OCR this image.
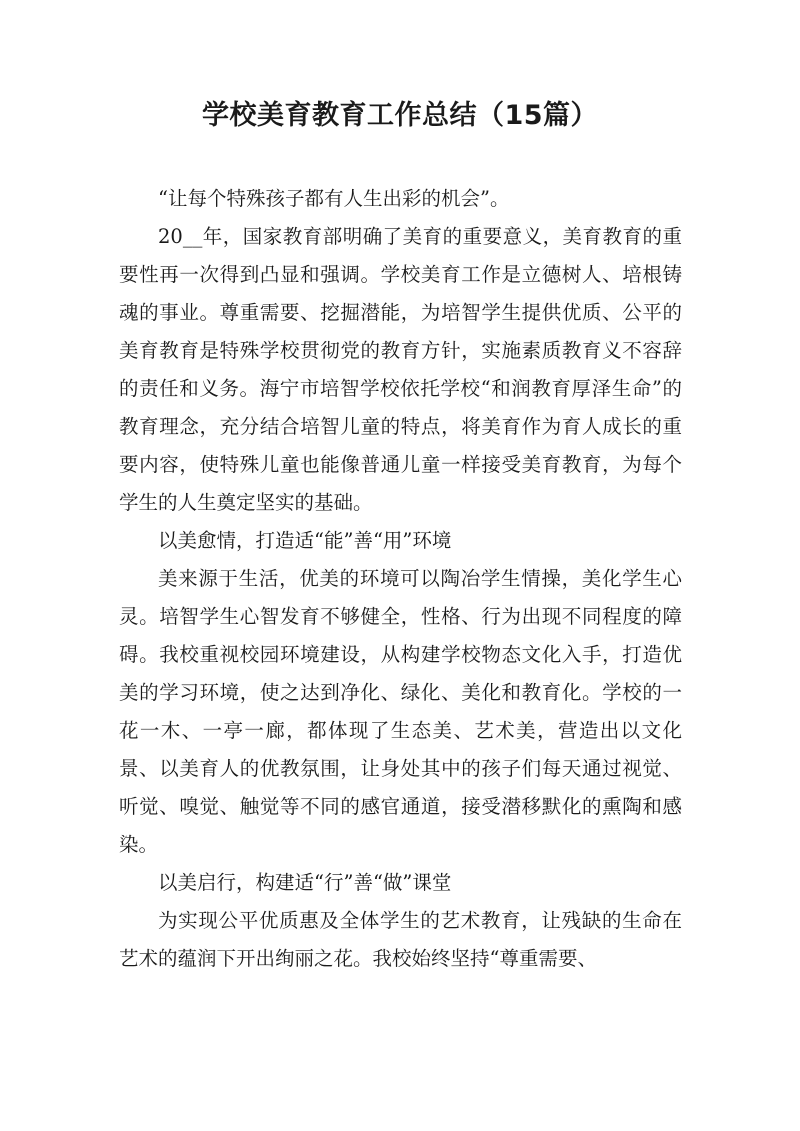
学校美育教育工作总结（15篇）

“让每个特殊孩子都有人生出彩的机会”。

20__年，国家教育部明确了美育的重要意义，美育教育的重要性再一次得到凸显和强调。学校美育工作是立德树人、培根铸魂的事业。尊重需要、挖掘潜能，为培智学生提供优质、公平的美育教育是特殊学校贯彻党的教育方针，实施素质教育义不容辞的责任和义务。海宁市培智学校依托学校“和润教育厚泽生命”的教育理念，充分结合培智儿童的特点，将美育作为育人成长的重要内容，使特殊儿童也能像普通儿童一样接受美育教育，为每个学生的人生奠定坚实的基础。

以美愈情，打造适“能”善“用”环境

美来源于生活，优美的环境可以陶冶学生情操，美化学生心灵。培智学生心智发育不够健全，性格、行为出现不同程度的障碍。我校重视校园环境建设，从构建学校物态文化入手，打造优美的学习环境，使之达到净化、绿化、美化和教育化。学校的一花一木、一亭一廊，都体现了生态美、艺术美，营造出以文化景、以美育人的优教氛围，让身处其中的孩子们每天通过视觉、听觉、嗅觉、触觉等不同的感官通道，接受潜移默化的熏陶和感染。

以美启行，构建适“行”善“做”课堂

为实现公平优质惠及全体学生的艺术教育，让残缺的生命在艺术的蕴润下开出绚丽之花。我校始终坚持“尊重需要、
